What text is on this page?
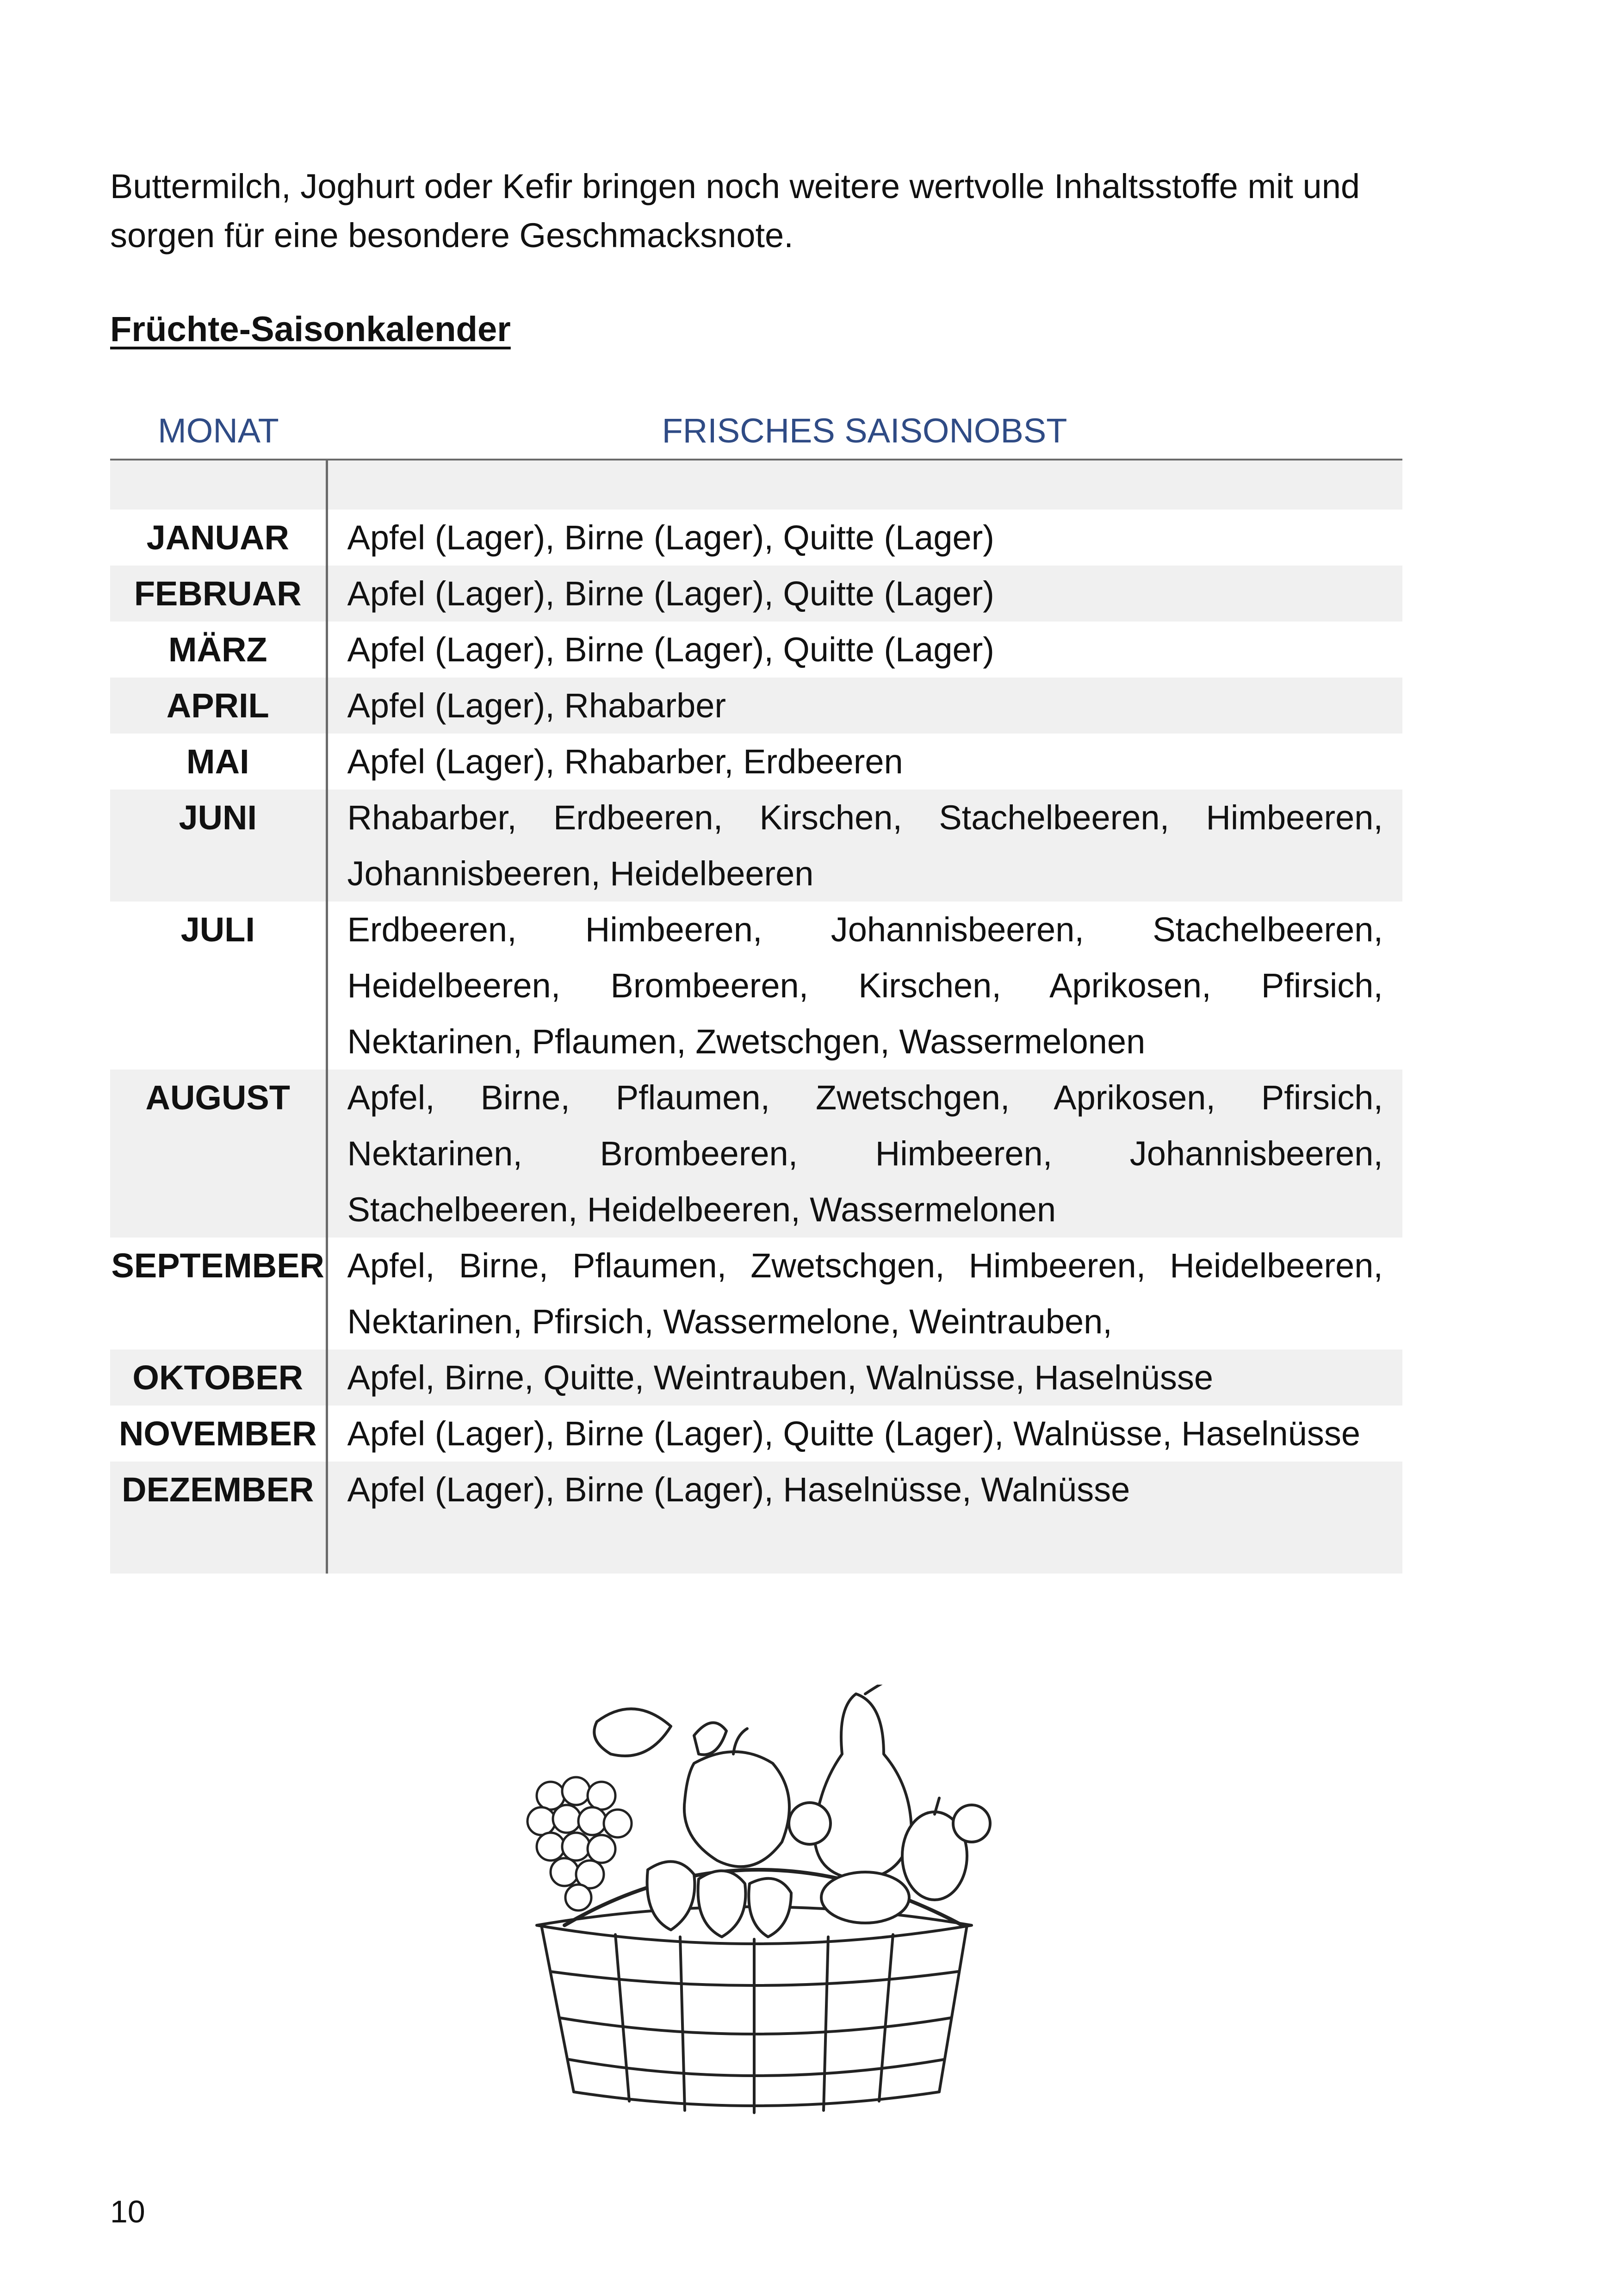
Buttermilch, Joghurt oder Kefir bringen noch weitere wertvolle Inhaltsstoffe mit und sorgen für eine besondere Geschmacksnote.

Früchte-Saisonkalender
MONAT	FRISCHES SAISONOBST

JANUAR	Apfel (Lager), Birne (Lager), Quitte (Lager)
FEBRUAR	Apfel (Lager), Birne (Lager), Quitte (Lager)
MÄRZ	Apfel (Lager), Birne (Lager), Quitte (Lager)
APRIL	Apfel (Lager), Rhabarber
MAI	Apfel (Lager), Rhabarber, Erdbeeren
JUNI	Rhabarber, Erdbeeren, Kirschen, Stachelbeeren, Himbeeren, Johannisbeeren, Heidelbeeren
JULI	Erdbeeren, Himbeeren, Johannisbeeren, Stachelbeeren, Heidelbeeren, Brombeeren, Kirschen, Aprikosen, Pfirsich, Nektarinen, Pflaumen, Zwetschgen, Wassermelonen
AUGUST	Apfel, Birne, Pflaumen, Zwetschgen, Aprikosen, Pfirsich, Nektarinen, Brombeeren, Himbeeren, Johannisbeeren, Stachelbeeren, Heidelbeeren, Wassermelonen
SEPTEMBER	Apfel, Birne, Pflaumen, Zwetschgen, Himbeeren, Heidelbeeren, Nektarinen, Pfirsich, Wassermelone, Weintrauben,
OKTOBER	Apfel, Birne, Quitte, Weintrauben, Walnüsse, Haselnüsse
NOVEMBER	Apfel (Lager), Birne (Lager), Quitte (Lager), Walnüsse, Haselnüsse
DEZEMBER	Apfel (Lager), Birne (Lager), Haselnüsse, Walnüsse

10
